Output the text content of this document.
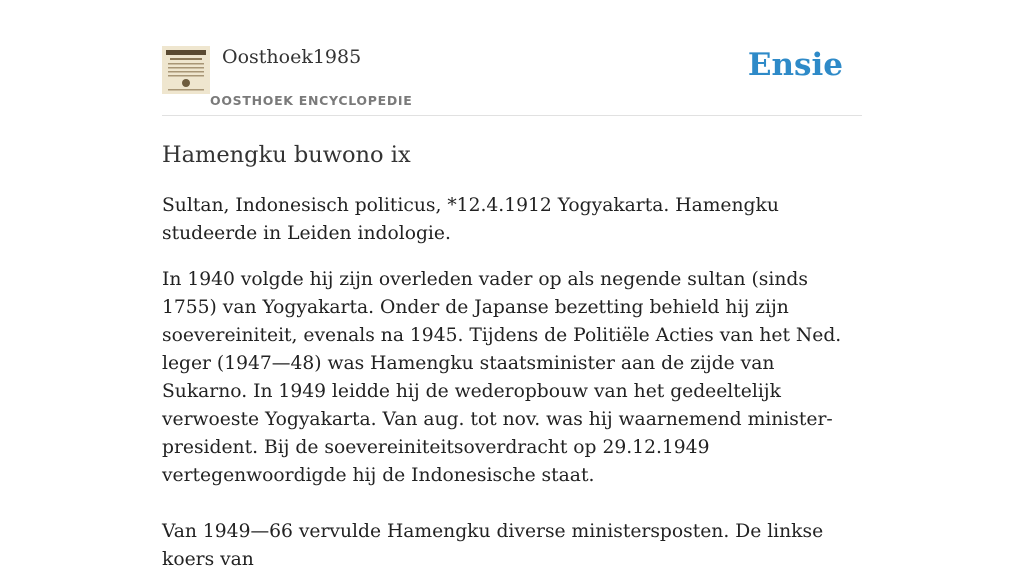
Oosthoek1985
OOSTHOEK ENCYCLOPEDIE
Ensie
Hamengku buwono ix

Sultan, Indonesisch politicus, *12.4.1912 Yogyakarta. Hamengku studeerde in Leiden indologie.

In 1940 volgde hij zijn overleden vader op als negende sultan (sinds 1755) van Yogyakarta. Onder de Japanse bezetting behield hij zijn soevereiniteit, evenals na 1945. Tijdens de Politiële Acties van het Ned. leger (1947—48) was Hamengku staatsminister aan de zijde van Sukarno. In 1949 leidde hij de wederopbouw van het gedeeltelijk verwoeste Yogyakarta. Van aug. tot nov. was hij waarnemend minister-president. Bij de soevereiniteitsoverdracht op 29.12.1949 vertegenwoordigde hij de Indonesische staat.

Van 1949—66 vervulde Hamengku diverse ministersposten. De linkse koers van
